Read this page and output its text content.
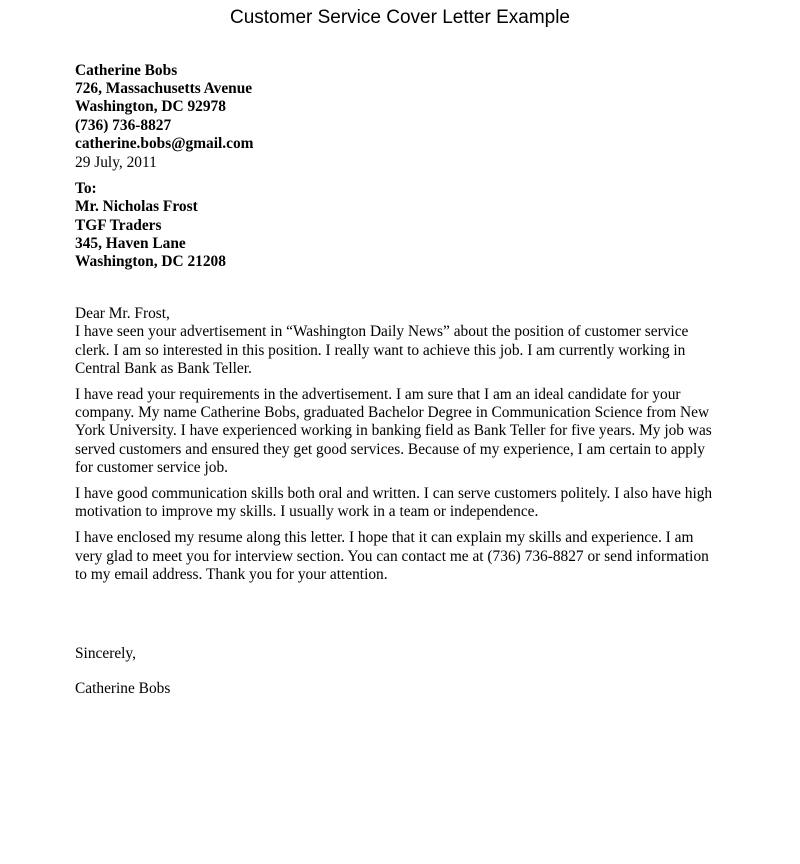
Customer Service Cover Letter Example
Catherine Bobs
726, Massachusetts Avenue
Washington, DC 92978
(736) 736-8827
catherine.bobs@gmail.com
29 July, 2011
To:
Mr. Nicholas Frost
TGF Traders
345, Haven Lane
Washington, DC 21208
Dear Mr. Frost,
I have seen your advertisement in “Washington Daily News” about the position of customer service
clerk. I am so interested in this position. I really want to achieve this job. I am currently working in
Central Bank as Bank Teller.
I have read your requirements in the advertisement. I am sure that I am an ideal candidate for your
company. My name Catherine Bobs, graduated Bachelor Degree in Communication Science from New
York University. I have experienced working in banking field as Bank Teller for five years. My job was
served customers and ensured they get good services. Because of my experience, I am certain to apply
for customer service job.
I have good communication skills both oral and written. I can serve customers politely. I also have high
motivation to improve my skills. I usually work in a team or independence.
I have enclosed my resume along this letter. I hope that it can explain my skills and experience. I am
very glad to meet you for interview section. You can contact me at (736) 736-8827 or send information
to my email address. Thank you for your attention.
Sincerely,
Catherine Bobs
